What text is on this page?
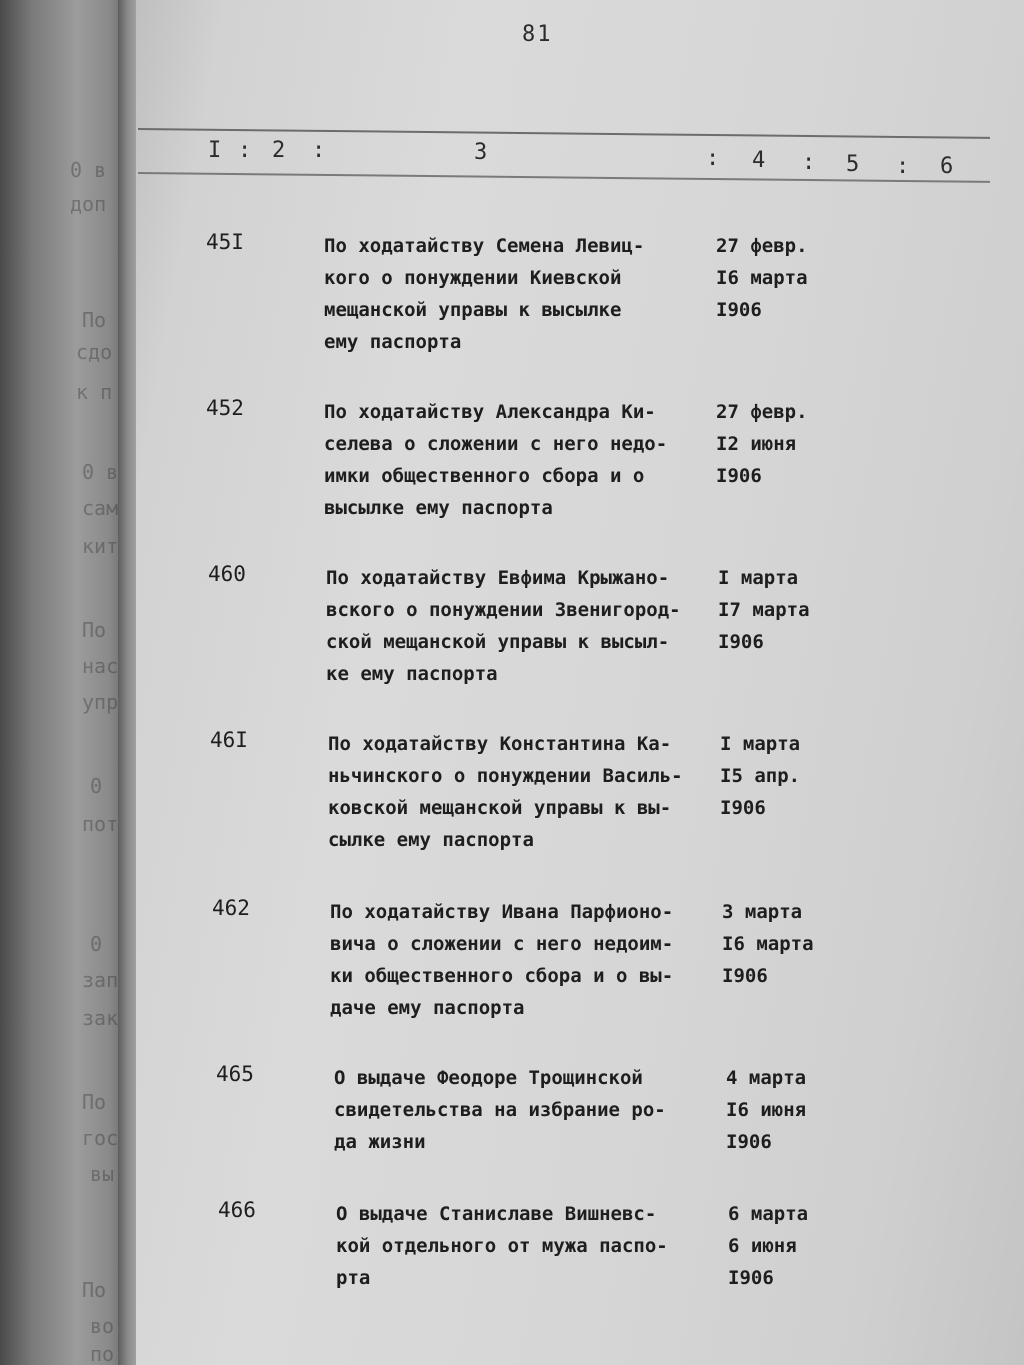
0 в
доп
По
сдо
к п
0 в
сам
кит
По
нас
упр
0
пот
0
зап
зак
По
гос
вы
По
во
по
81
I : 2 :	3	: 4 : 5 : 6
45I	По ходатайству Семена Левиц-
кого о понуждении Киевской
мещанской управы к высылке
ему паспорта
27 февр.
I6 марта
I906
452	По ходатайству Александра Ки-
селева о сложении с него недо-
имки общественного сбора и о
высылке ему паспорта
27 февр.
I2 июня
I906
460	По ходатайству Евфима Крыжано-
вского о понуждении Звенигород-
ской мещанской управы к высыл-
ке ему паспорта
I марта
I7 марта
I906
46I	По ходатайству Константина Ка-
ньчинского о понуждении Василь-
ковской мещанской управы к вы-
сылке ему паспорта
I марта
I5 апр.
I906
462	По ходатайству Ивана Парфионо-
вича о сложении с него недоим-
ки общественного сбора и о вы-
даче ему паспорта
3 марта
I6 марта
I906
465	О выдаче Феодоре Трощинской
свидетельства на избрание ро-
да жизни
4 марта
I6 июня
I906
466	О выдаче Станиславе Вишневс-
кой отдельного от мужа паспо-
рта
6 марта
6 июня
I906
